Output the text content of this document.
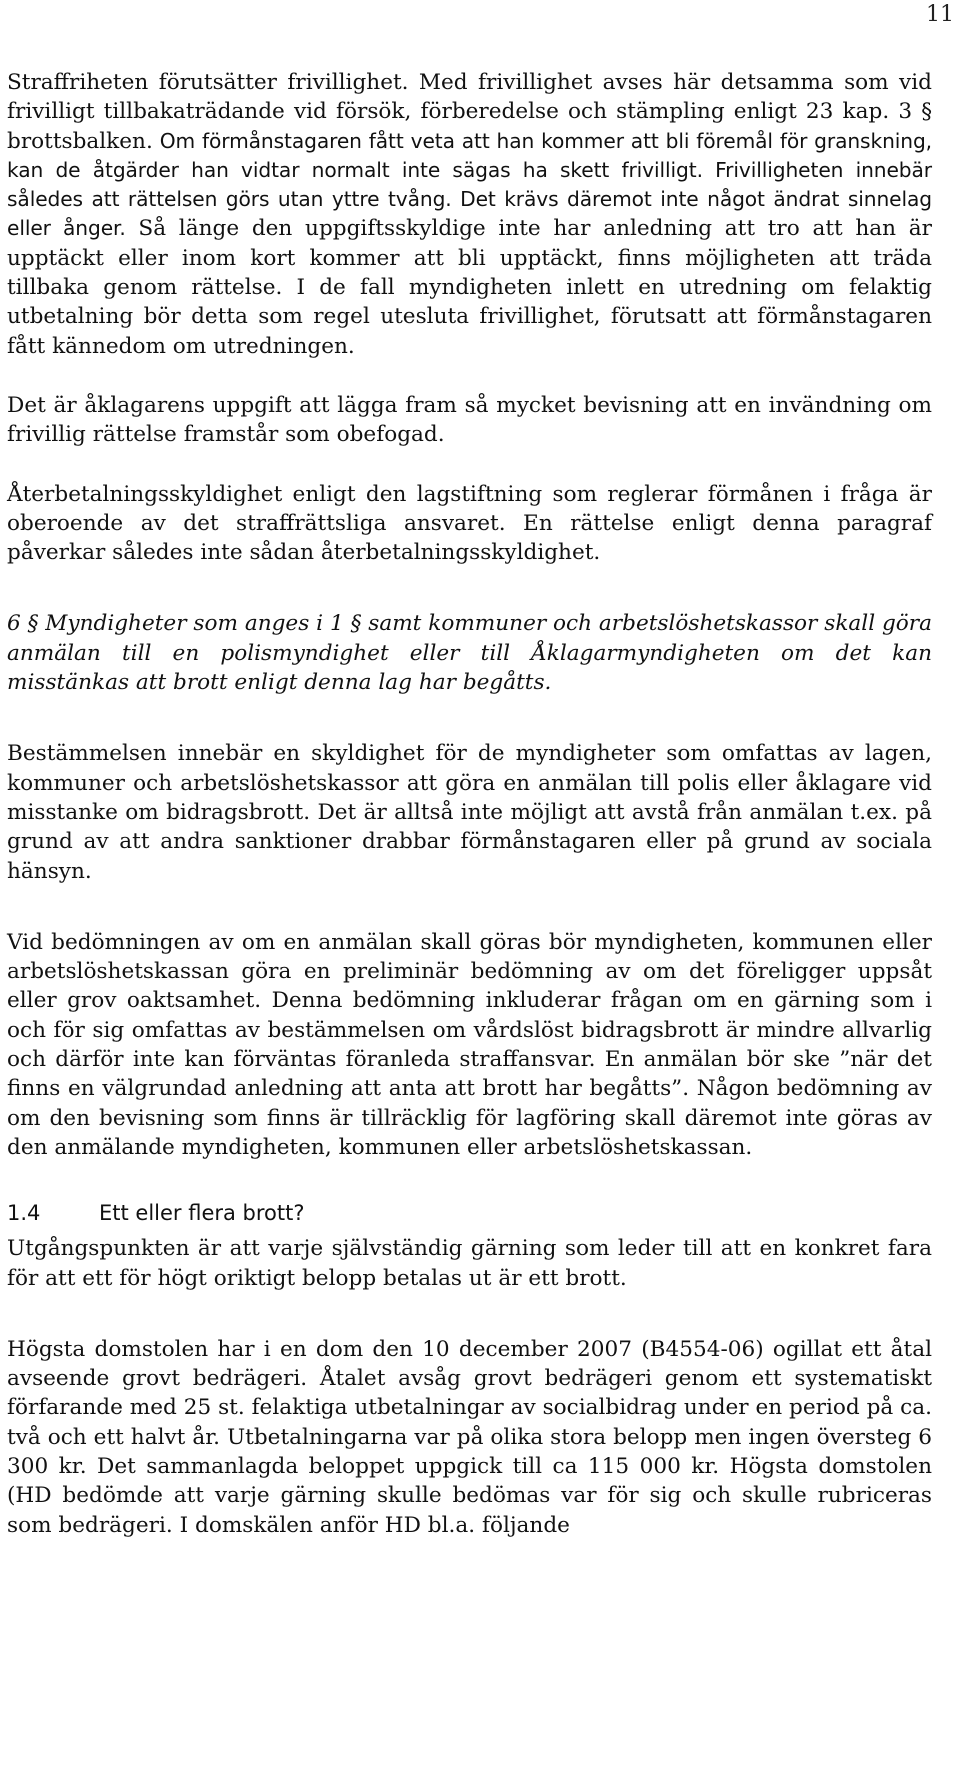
11

Straffriheten förutsätter frivillighet. Med frivillighet avses här detsamma som vid frivilligt tillbakaträdande vid försök, förberedelse och stämpling enligt 23 kap. 3 § brottsbalken. Om förmånstagaren fått veta att han kommer att bli föremål för granskning, kan de åtgärder han vidtar normalt inte sägas ha skett frivilligt. Frivilligheten innebär således att rättelsen görs utan yttre tvång. Det krävs däremot inte något ändrat sinnelag eller ånger. Så länge den uppgiftsskyldige inte har anledning att tro att han är upptäckt eller inom kort kommer att bli upptäckt, finns möjligheten att träda tillbaka genom rättelse. I de fall myndigheten inlett en utredning om felaktig utbetalning bör detta som regel utesluta frivillighet, förutsatt att förmånstagaren fått kännedom om utredningen.

Det är åklagarens uppgift att lägga fram så mycket bevisning att en invändning om frivillig rättelse framstår som obefogad.

Återbetalningsskyldighet enligt den lagstiftning som reglerar förmånen i fråga är oberoende av det straffrättsliga ansvaret. En rättelse enligt denna paragraf påverkar således inte sådan återbetalningsskyldighet.

6 § Myndigheter som anges i 1 § samt kommuner och arbetslöshetskassor skall göra anmälan till en polismyndighet eller till Åklagarmyndigheten om det kan misstänkas att brott enligt denna lag har begåtts.

Bestämmelsen innebär en skyldighet för de myndigheter som omfattas av lagen, kommuner och arbetslöshetskassor att göra en anmälan till polis eller åklagare vid misstanke om bidragsbrott. Det är alltså inte möjligt att avstå från anmälan t.ex. på grund av att andra sanktioner drabbar förmånstagaren eller på grund av sociala hänsyn.

Vid bedömningen av om en anmälan skall göras bör myndigheten, kommunen eller arbetslöshetskassan göra en preliminär bedömning av om det föreligger uppsåt eller grov oaktsamhet. Denna bedömning inkluderar frågan om en gärning som i och för sig omfattas av bestämmelsen om vårdslöst bidragsbrott är mindre allvarlig och därför inte kan förväntas föranleda straffansvar. En anmälan bör ske ”när det finns en välgrundad anledning att anta att brott har begåtts”. Någon bedömning av om den bevisning som finns är tillräcklig för lagföring skall däremot inte göras av den anmälande myndigheten, kommunen eller arbetslöshetskassan.

1.4	Ett eller flera brott?

Utgångspunkten är att varje självständig gärning som leder till att en konkret fara för att ett för högt oriktigt belopp betalas ut är ett brott.

Högsta domstolen har i en dom den 10 december 2007 (B4554-06) ogillat ett åtal avseende grovt bedrägeri. Åtalet avsåg grovt bedrägeri genom ett systematiskt förfarande med 25 st. felaktiga utbetalningar av socialbidrag under en period på ca. två och ett halvt år. Utbetalningarna var på olika stora belopp men ingen översteg 6 300 kr. Det sammanlagda beloppet uppgick till ca 115 000 kr. Högsta domstolen (HD bedömde att varje gärning skulle bedömas var för sig och skulle rubriceras som bedrägeri. I domskälen anför HD bl.a. följande
